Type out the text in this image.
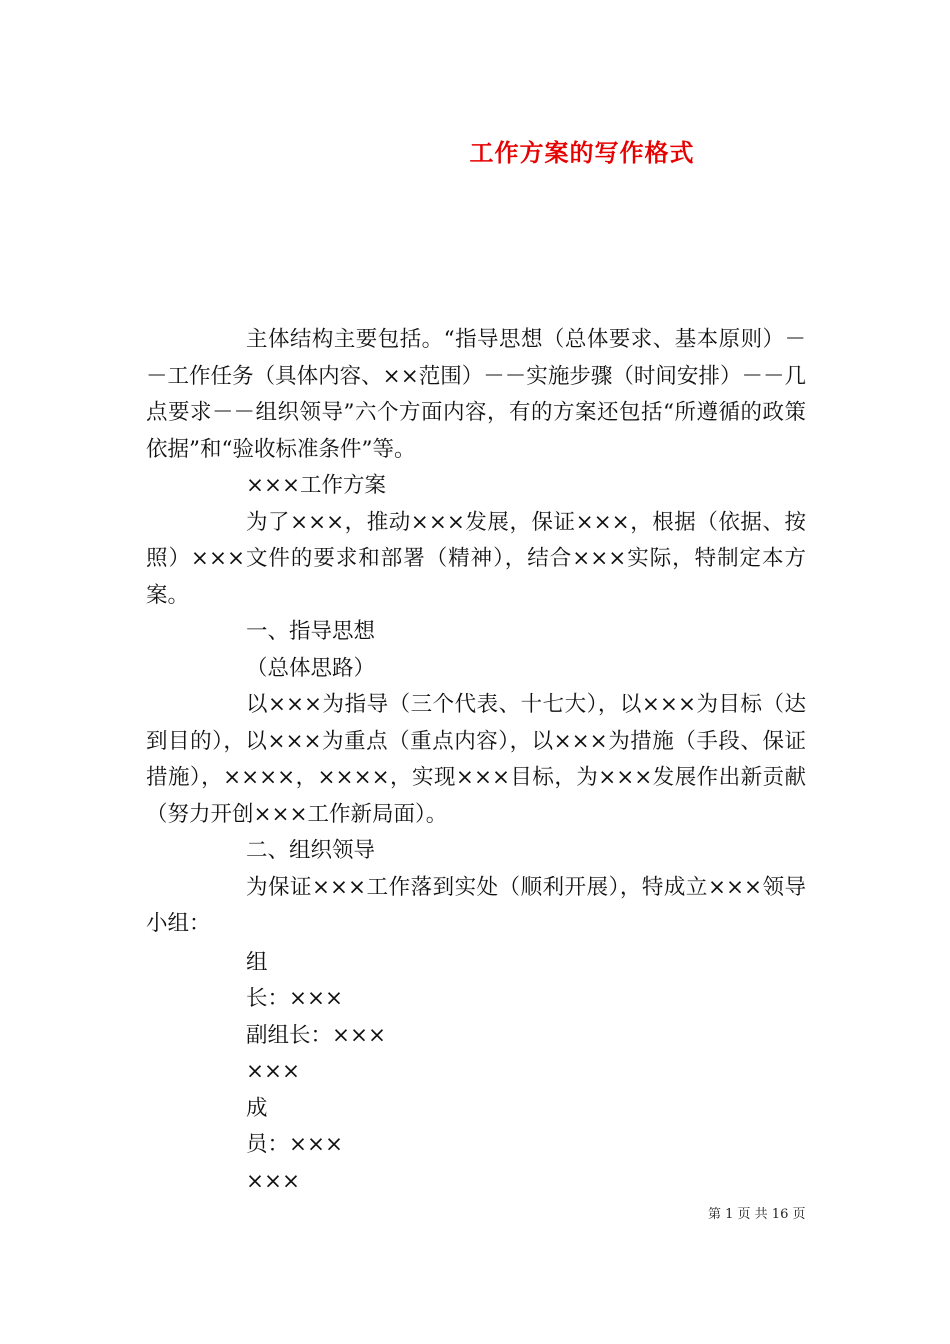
工作方案的写作格式

主体结构主要包括。“指导思想（总体要求、基本原则）－－工作任务（具体内容、××范围）－－实施步骤（时间安排）－－几点要求－－组织领导”六个方面内容，有的方案还包括“所遵循的政策依据”和“验收标准条件”等。

×××工作方案

为了×××，推动×××发展，保证×××，根据（依据、按照）×××文件的要求和部署（精神），结合×××实际，特制定本方案。

一、指导思想

（总体思路）

以×××为指导（三个代表、十七大），以×××为目标（达到目的），以×××为重点（重点内容），以×××为措施（手段、保证措施），××××，××××，实现×××目标，为×××发展作出新贡献（努力开创×××工作新局面）。

二、组织领导

为保证×××工作落到实处（顺利开展），特成立×××领导小组：

组

长：×××

副组长：×××

×××

成

员：×××

×××

第 1 页 共 16 页
